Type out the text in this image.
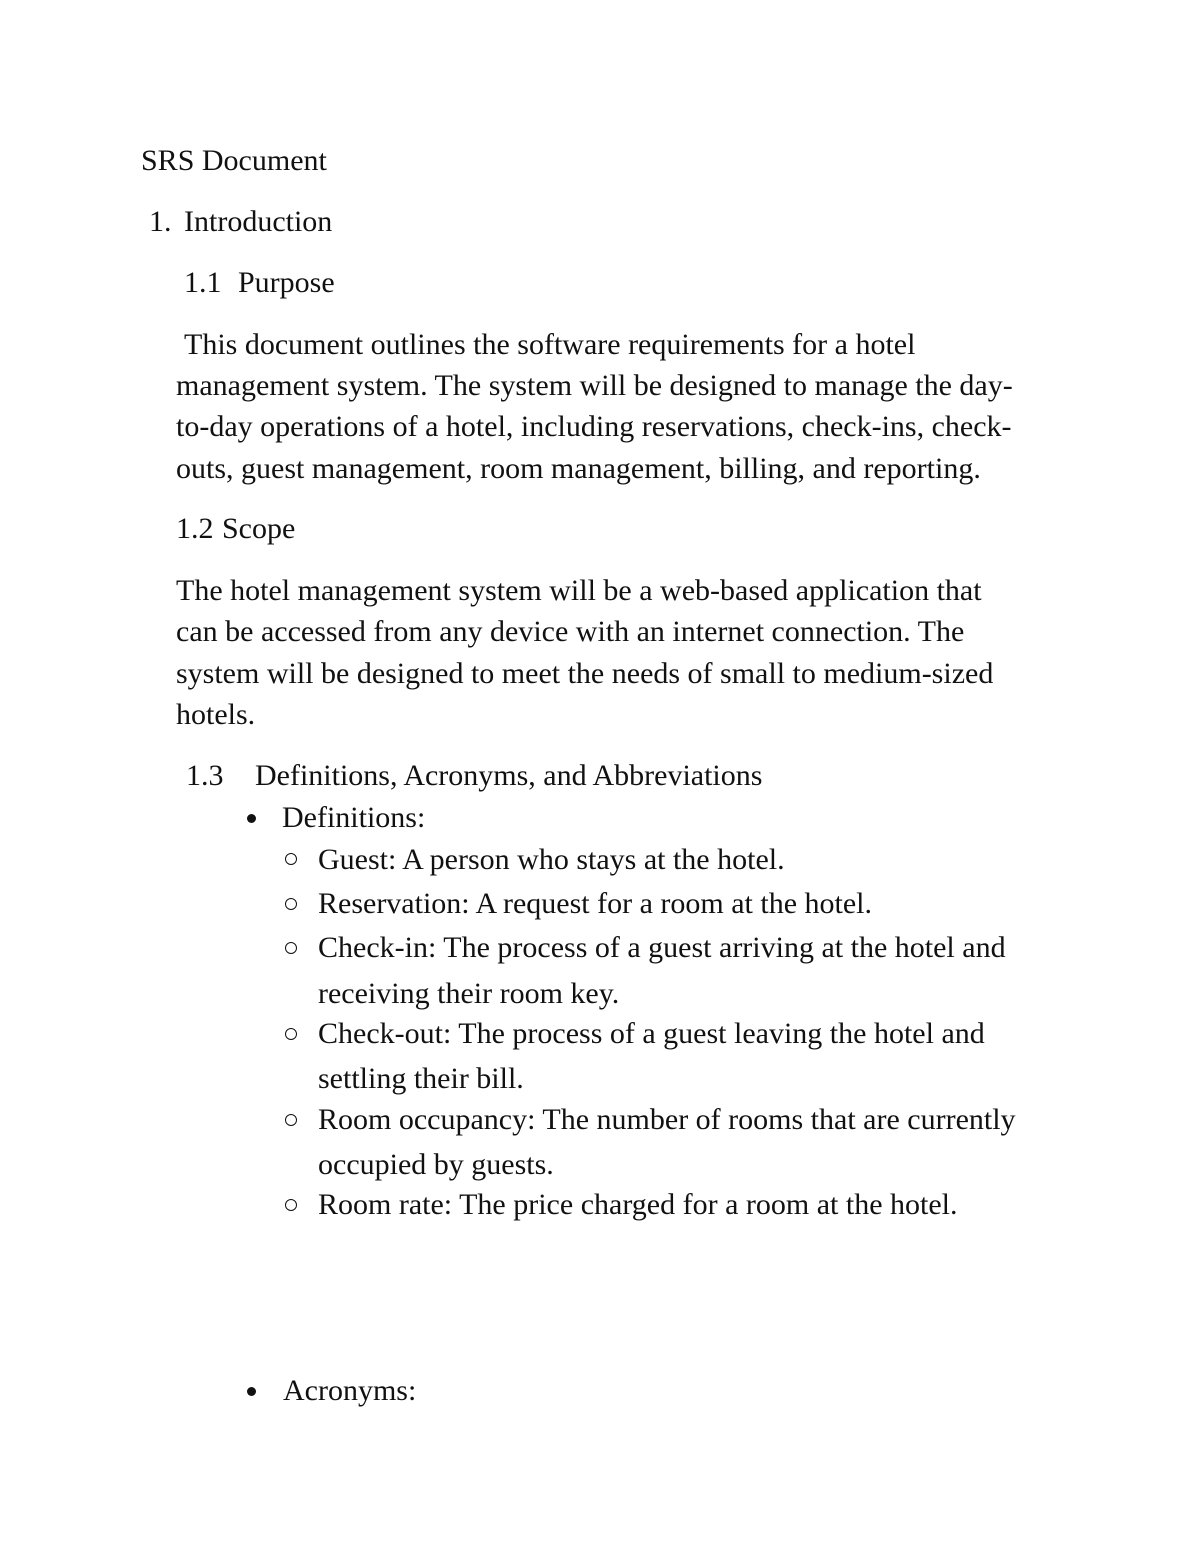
SRS Document
1. Introduction
1.1 Purpose
This document outlines the software requirements for a hotel
management system. The system will be designed to manage the day-
to-day operations of a hotel, including reservations, check-ins, check-
outs, guest management, room management, billing, and reporting.
1.2 Scope
The hotel management system will be a web-based application that
can be accessed from any device with an internet connection. The
system will be designed to meet the needs of small to medium-sized
hotels.
1.3 Definitions, Acronyms, and Abbreviations
Definitions:
Guest: A person who stays at the hotel.
Reservation: A request for a room at the hotel.
Check-in: The process of a guest arriving at the hotel and
receiving their room key.
Check-out: The process of a guest leaving the hotel and
settling their bill.
Room occupancy: The number of rooms that are currently
occupied by guests.
Room rate: The price charged for a room at the hotel.
Acronyms:
